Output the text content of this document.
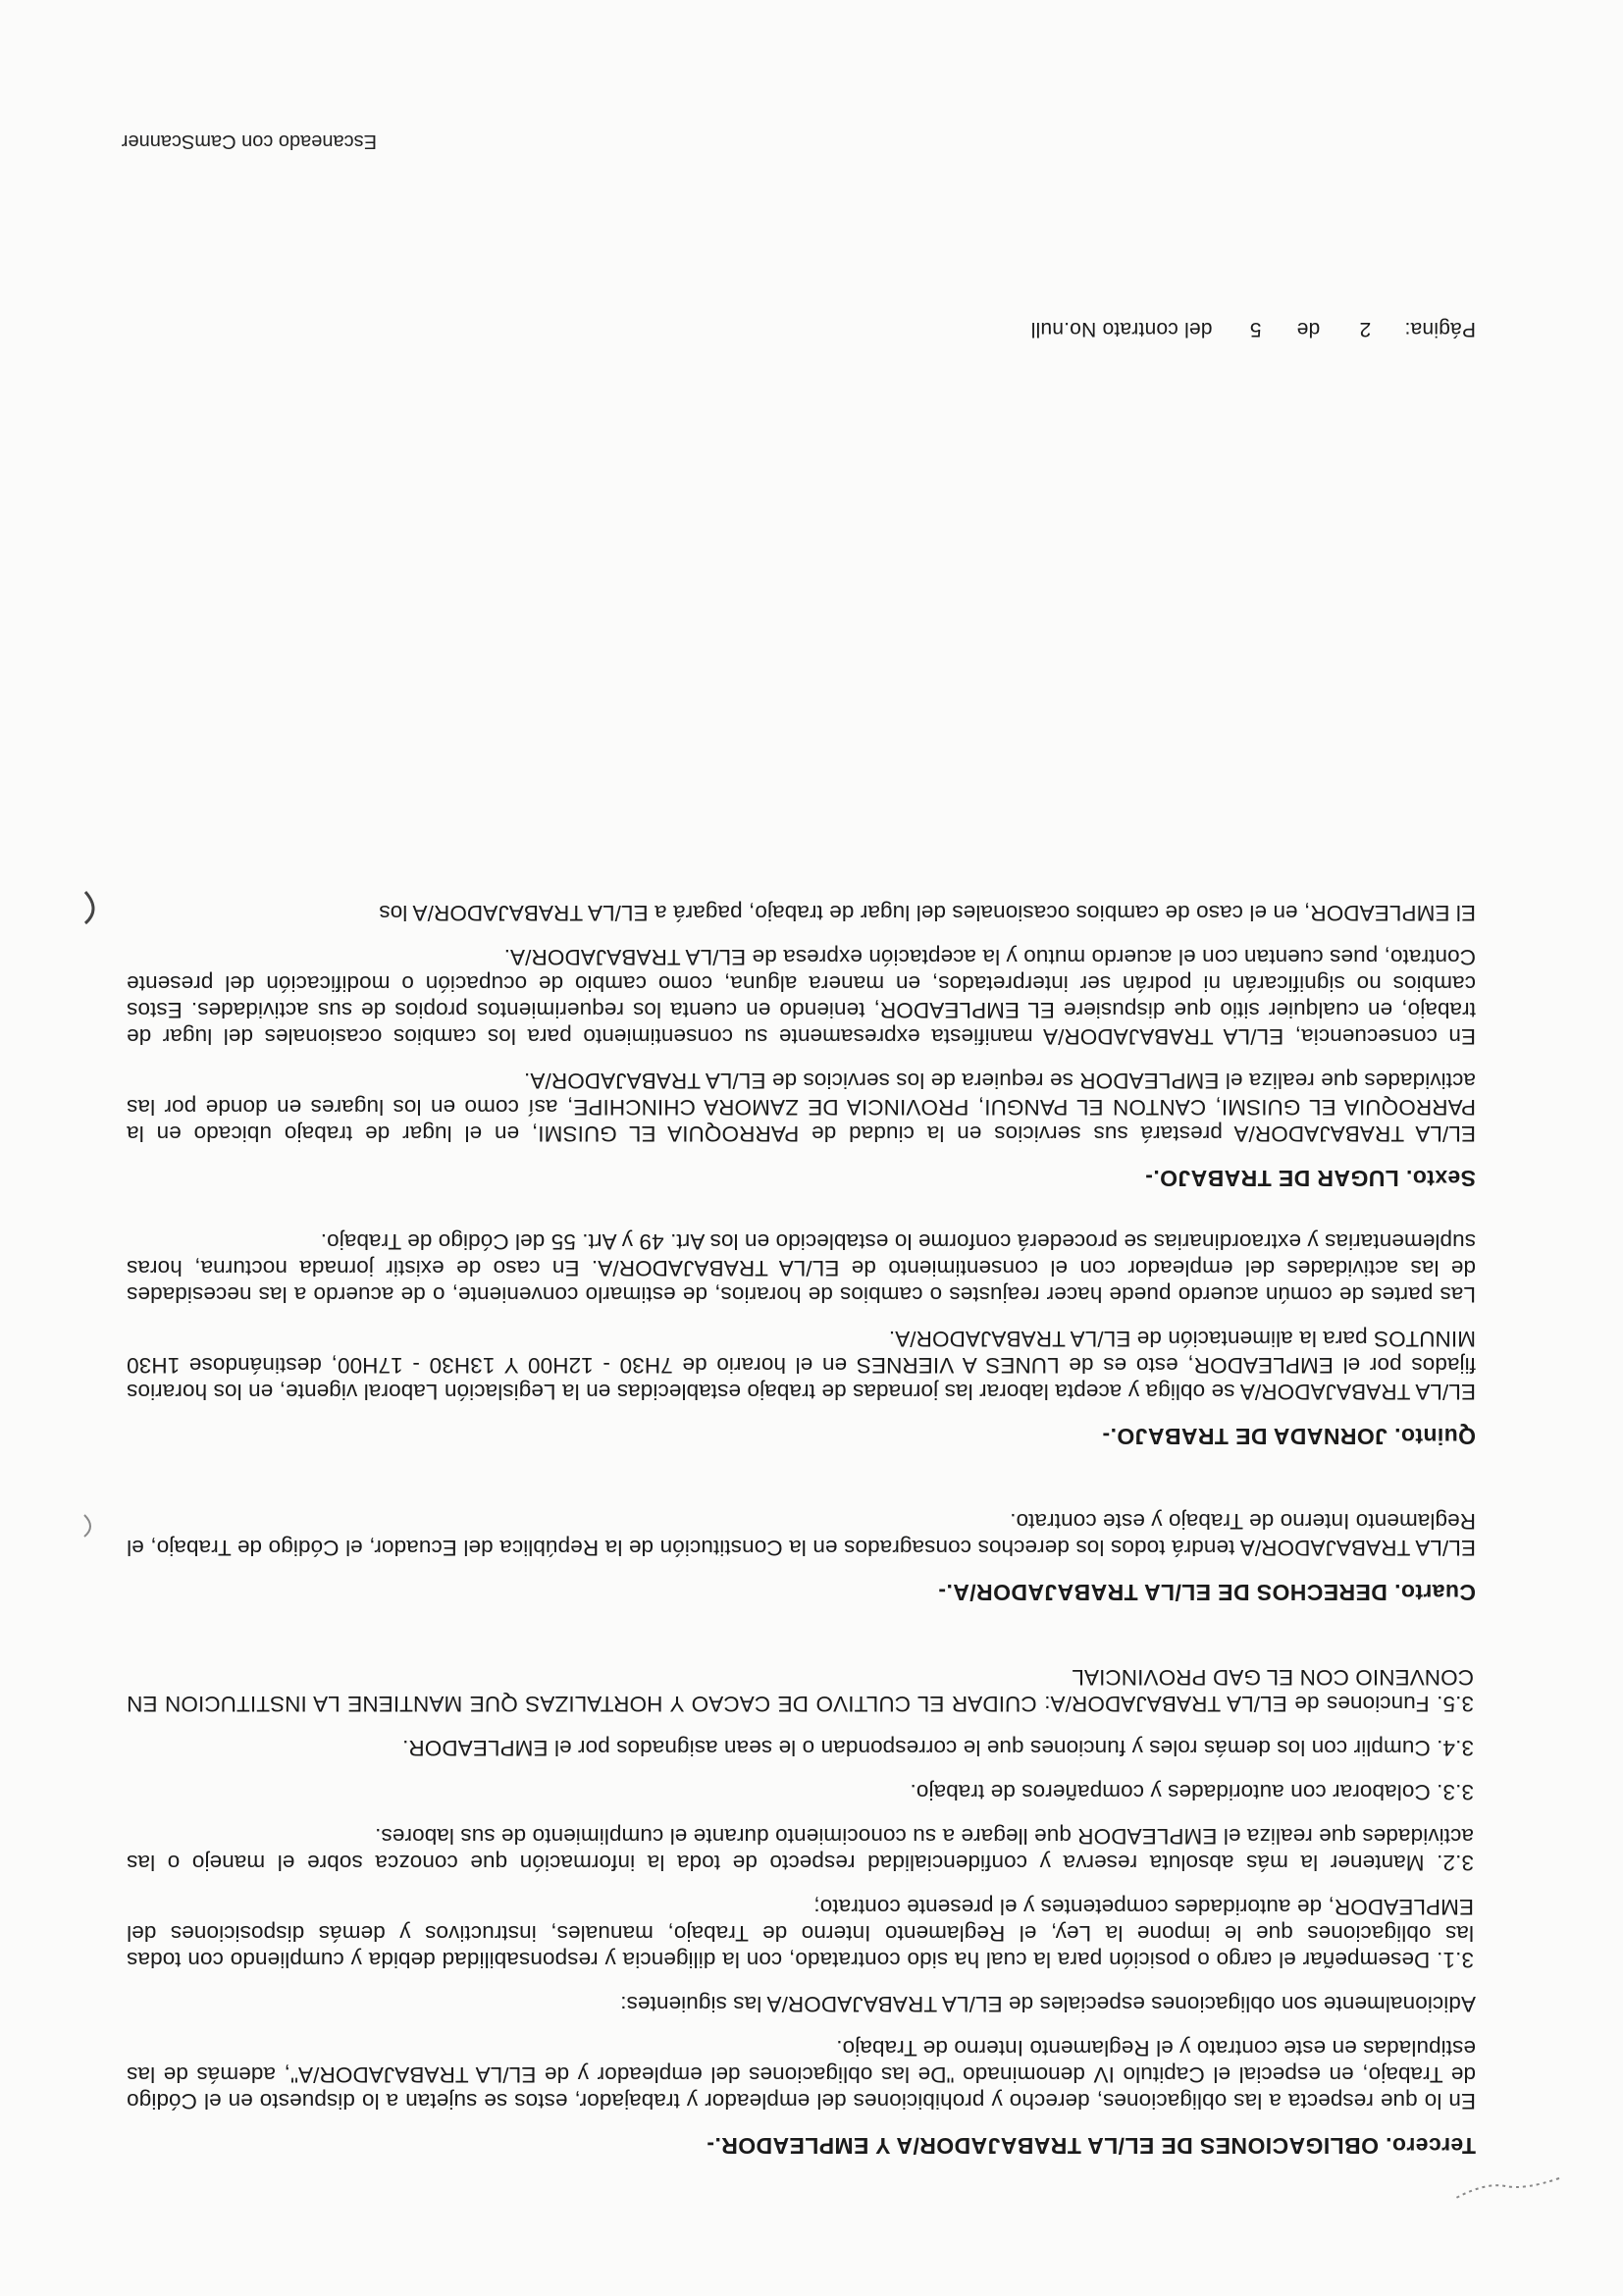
Tercero. OBLIGACIONES DE EL/LA TRABAJADOR/A Y EMPLEADOR.-

En lo que respecta a las obligaciones, derecho y prohibiciones del empleador y trabajador, estos se sujetan a lo dispuesto en el Código de Trabajo, en especial el Capitulo IV denominado "De las obligaciones del empleador y de EL/LA TRABAJADOR/A", además de las estipuladas en este contrato y el Reglamento Interno de Trabajo.

Adicionalmente son obligaciones especiales de EL/LA TRABAJADOR/A las siguientes:

3.1. Desempeñar el cargo o posición para la cual ha sido contratado, con la diligencia y responsabilidad debida y cumpliendo con todas las obligaciones que le impone la Ley, el Reglamento Interno de Trabajo, manuales, instructivos y demás disposiciones del EMPLEADOR, de autoridades competentes y el presente contrato;

3.2. Mantener la más absoluta reserva y confidencialidad respecto de toda la información que conozca sobre el manejo o las actividades que realiza el EMPLEADOR que llegare a su conocimiento durante el cumplimiento de sus labores.

3.3. Colaborar con autoridades y compañeros de trabajo.

3.4. Cumplir con los demás roles y funciones que le correspondan o le sean asignados por el EMPLEADOR.

3.5. Funciones de EL/LA TRABAJADOR/A: CUIDAR EL CULTIVO DE CACAO Y HORTALIZAS QUE MANTIENE LA INSTITUCION EN CONVENIO CON EL GAD PROVINCIAL

Cuarto. DERECHOS DE EL/LA TRABAJADOR/A.-

EL/LA TRABAJADOR/A tendrá todos los derechos consagrados en la Constitución de la República del Ecuador, el Código de Trabajo, el Reglamento Interno de Trabajo y este contrato.

Quinto. JORNADA DE TRABAJO.-

EL/LA TRABAJADOR/A se obliga y acepta laborar las jornadas de trabajo establecidas en la Legislación Laboral vigente, en los horarios fijados por el EMPLEADOR, esto es de LUNES A VIERNES en el horario de 7H30 - 12H00 Y 13H30 - 17H00, destinándose 1H30 MINUTOS para la alimentación de EL/LA TRABAJADOR/A.

Las partes de común acuerdo puede hacer reajustes o cambios de horarios, de estimarlo conveniente, o de acuerdo a las necesidades de las actividades del empleador con el consentimiento de EL/LA TRABAJADOR/A. En caso de existir jornada nocturna, horas suplementarias y extraordinarias se procederá conforme lo establecido en los Art. 49 y Art. 55 del Código de Trabajo.

Sexto. LUGAR DE TRABAJO.-

EL/LA TRABAJADOR/A prestará sus servicios en la ciudad de PARROQUIA EL GUISMI, en el lugar de trabajo ubicado en la PARROQUIA EL GUISMI, CANTON EL PANGUI, PROVINCIA DE ZAMORA CHINCHIPE, así como en los lugares en donde por las actividades que realiza el EMPLEADOR se requiera de los servicios de EL/LA TRABAJADOR/A.

En consecuencia, EL/LA TRABAJADOR/A manifiesta expresamente su consentimiento para los cambios ocasionales del lugar de trabajo, en cualquier sitio que dispusiere EL EMPLEADOR, teniendo en cuenta los requerimientos propios de sus actividades. Estos cambios no significarán ni podrán ser interpretados, en manera alguna, como cambio de ocupación o modificación del presente Contrato, pues cuentan con el acuerdo mutuo y la aceptación expresa de EL/LA TRABAJADOR/A.

El EMPLEADOR, en el caso de cambios ocasionales del lugar de trabajo, pagará a EL/LA TRABAJADOR/A los

Página:  2  de  5  del contrato No.null
Escaneado con CamScanner
